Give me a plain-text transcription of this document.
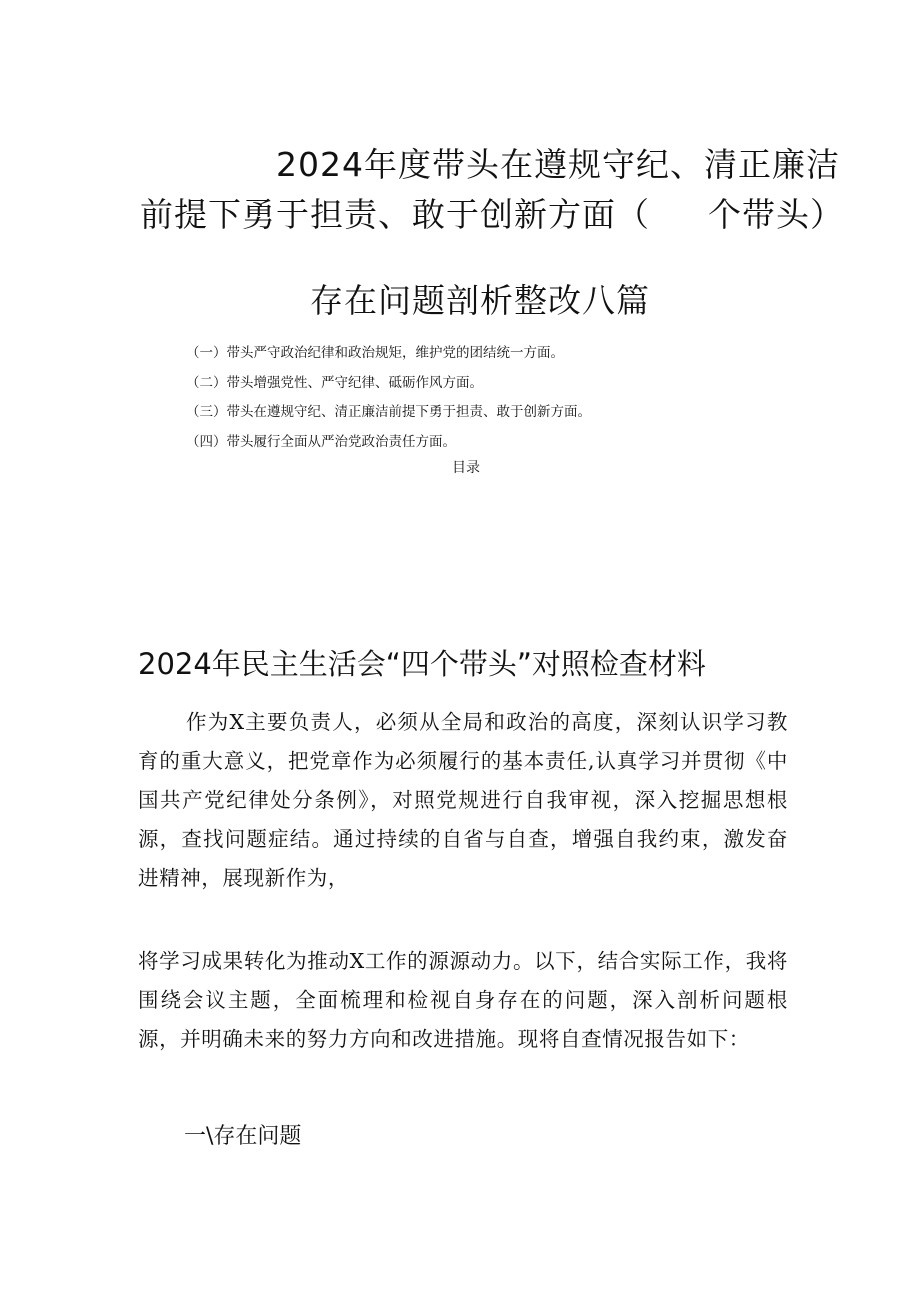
2024年度带头在遵规守纪、清正廉洁
前提下勇于担责、敢于创新方面（ 个带头）
存在问题剖析整改八篇
（一）带头严守政治纪律和政治规矩，维护党的团结统一方面。
（二）带头增强党性、严守纪律、砥砺作风方面。
（三）带头在遵规守纪、清正廉洁前提下勇于担责、敢于创新方面。
（四）带头履行全面从严治党政治责任方面。
目录
2024年民主生活会“四个带头”对照检查材料
作为X主要负责人，必须从全局和政治的高度，深刻认识学习教育的重大意义，把党章作为必须履行的基本责任,认真学习并贯彻《中国共产党纪律处分条例》，对照党规进行自我审视，深入挖掘思想根源，查找问题症结。通过持续的自省与自查，增强自我约束，激发奋进精神，展现新作为，
将学习成果转化为推动X工作的源源动力。以下，结合实际工作，我将围绕会议主题，全面梳理和检视自身存在的问题，深入剖析问题根源，并明确未来的努力方向和改进措施。现将自查情况报告如下：
一\存在问题
